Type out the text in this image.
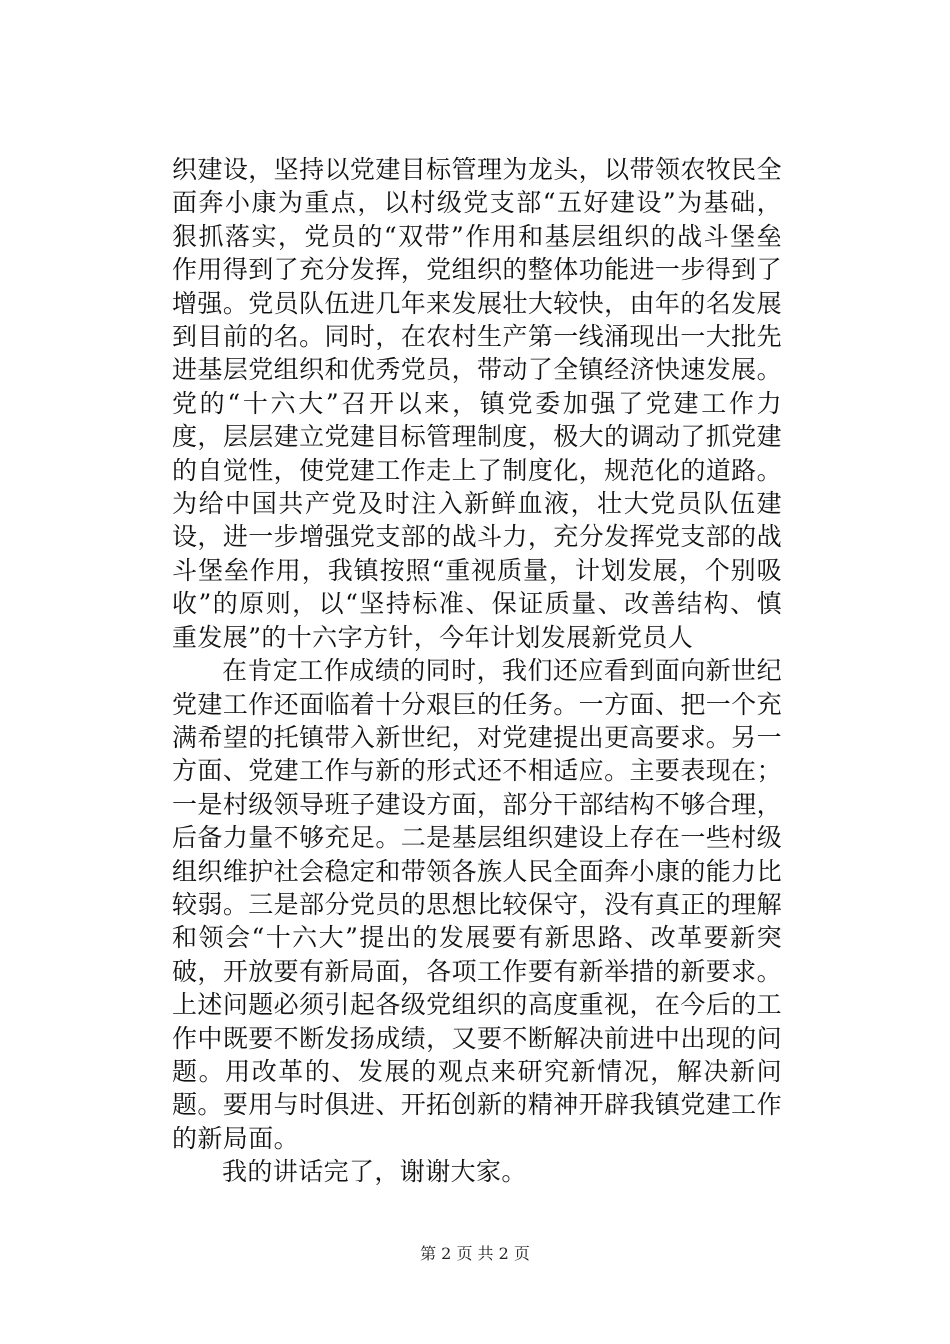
织建设，坚持以党建目标管理为龙头，以带领农牧民全面奔小康为重点，以村级党支部“五好建设”为基础，狠抓落实，党员的“双带”作用和基层组织的战斗堡垒作用得到了充分发挥，党组织的整体功能进一步得到了增强。党员队伍进几年来发展壮大较快，由年的名发展到目前的名。同时，在农村生产第一线涌现出一大批先进基层党组织和优秀党员，带动了全镇经济快速发展。党的“十六大”召开以来，镇党委加强了党建工作力度，层层建立党建目标管理制度，极大的调动了抓党建的自觉性，使党建工作走上了制度化，规范化的道路。为给中国共产党及时注入新鲜血液，壮大党员队伍建设，进一步增强党支部的战斗力，充分发挥党支部的战斗堡垒作用，我镇按照“重视质量，计划发展，个别吸收”的原则，以“坚持标准、保证质量、改善结构、慎重发展”的十六字方针，今年计划发展新党员人

在肯定工作成绩的同时，我们还应看到面向新世纪党建工作还面临着十分艰巨的任务。一方面、把一个充满希望的托镇带入新世纪，对党建提出更高要求。另一方面、党建工作与新的形式还不相适应。主要表现在；一是村级领导班子建设方面，部分干部结构不够合理，后备力量不够充足。二是基层组织建设上存在一些村级组织维护社会稳定和带领各族人民全面奔小康的能力比较弱。三是部分党员的思想比较保守，没有真正的理解和领会“十六大”提出的发展要有新思路、改革要新突破，开放要有新局面，各项工作要有新举措的新要求。上述问题必须引起各级党组织的高度重视，在今后的工作中既要不断发扬成绩，又要不断解决前进中出现的问题。用改革的、发展的观点来研究新情况，解决新问题。要用与时俱进、开拓创新的精神开辟我镇党建工作的新局面。

我的讲话完了，谢谢大家。

第 2 页 共 2 页
